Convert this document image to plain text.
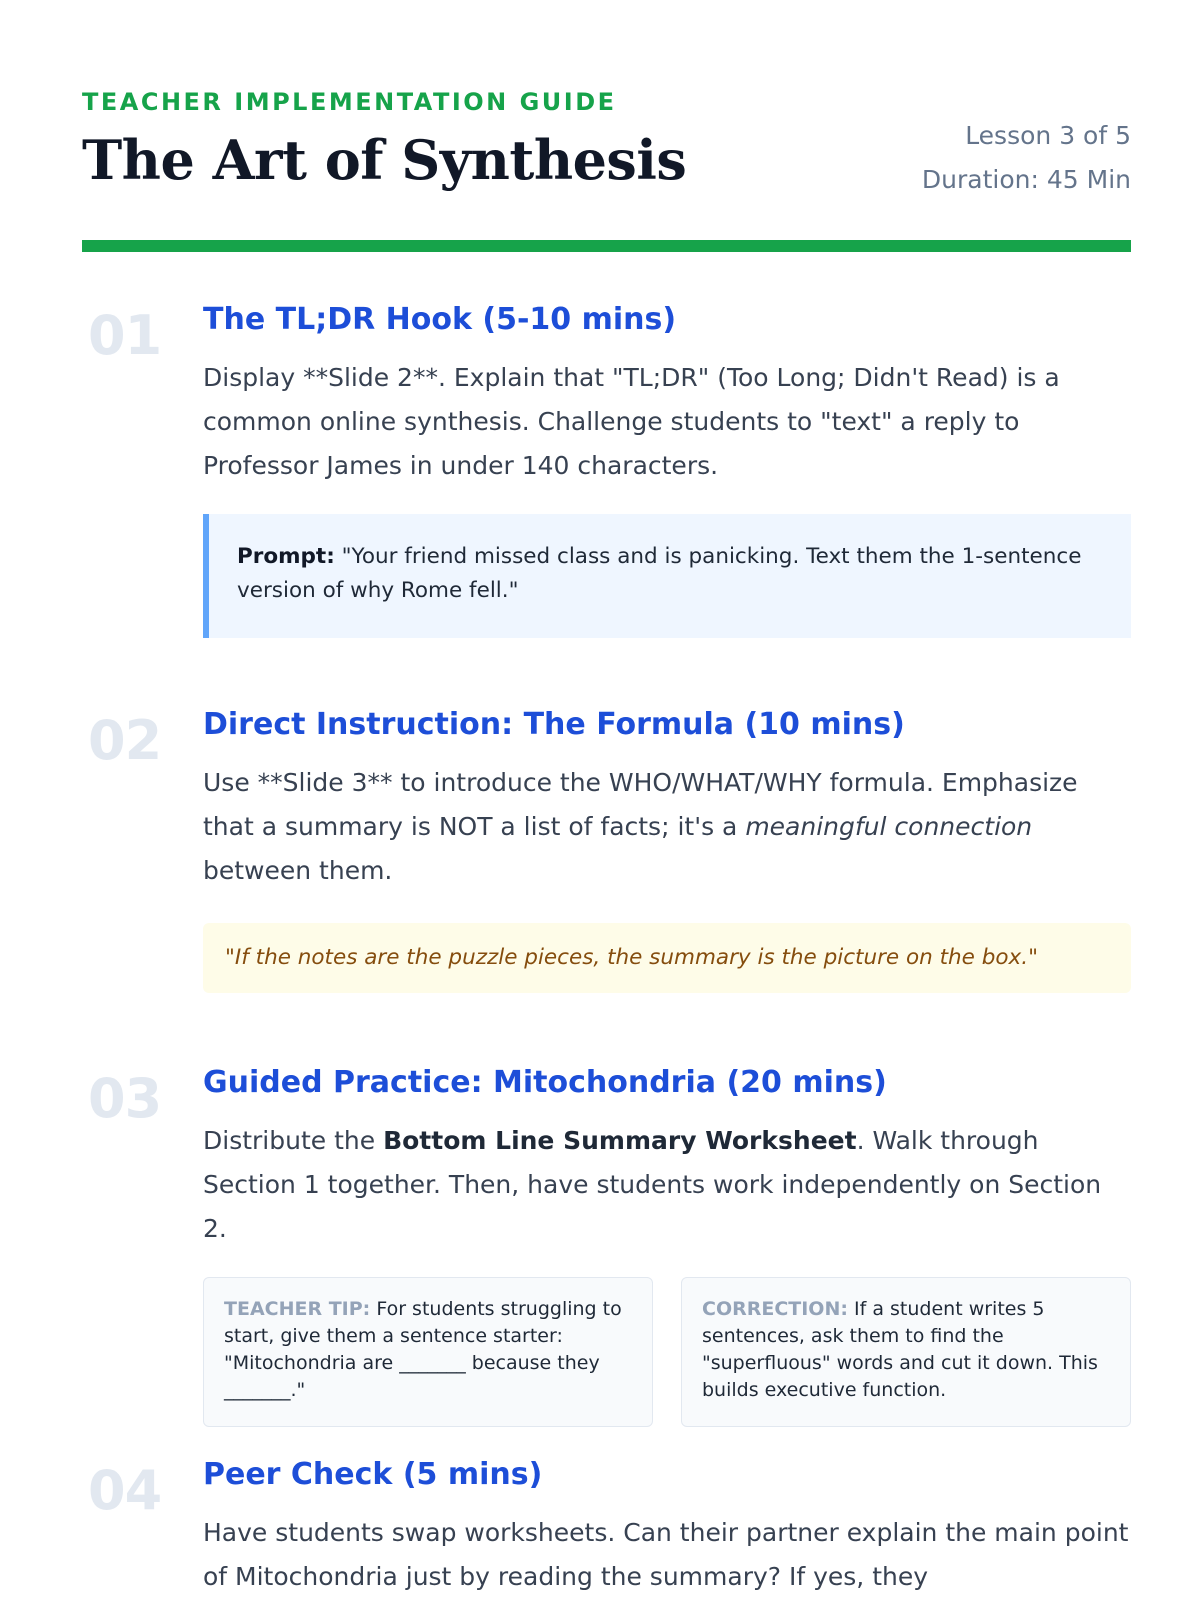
TEACHER IMPLEMENTATION GUIDE
The Art of Synthesis	Lesson 3 of 5
Duration: 45 Min
01 The TL;DR Hook (5-10 mins)

Display **Slide 2**. Explain that "TL;DR" (Too Long; Didn't Read) is a common online synthesis. Challenge students to "text" a reply to Professor James in under 140 characters.

Prompt: "Your friend missed class and is panicking. Text them the 1-sentence version of why Rome fell."
02 Direct Instruction: The Formula (10 mins)

Use **Slide 3** to introduce the WHO/WHAT/WHY formula. Emphasize that a summary is NOT a list of facts; it's a meaningful connection between them.

"If the notes are the puzzle pieces, the summary is the picture on the box."
03 Guided Practice: Mitochondria (20 mins)

Distribute the Bottom Line Summary Worksheet. Walk through Section 1 together. Then, have students work independently on Section 2.

TEACHER TIP: For students struggling to start, give them a sentence starter: "Mitochondria are _______ because they _______."
CORRECTION: If a student writes 5 sentences, ask them to find the "superfluous" words and cut it down. This builds executive function.
04 Peer Check (5 mins)

Have students swap worksheets. Can their partner explain the main point of Mitochondria just by reading the summary? If yes, they
